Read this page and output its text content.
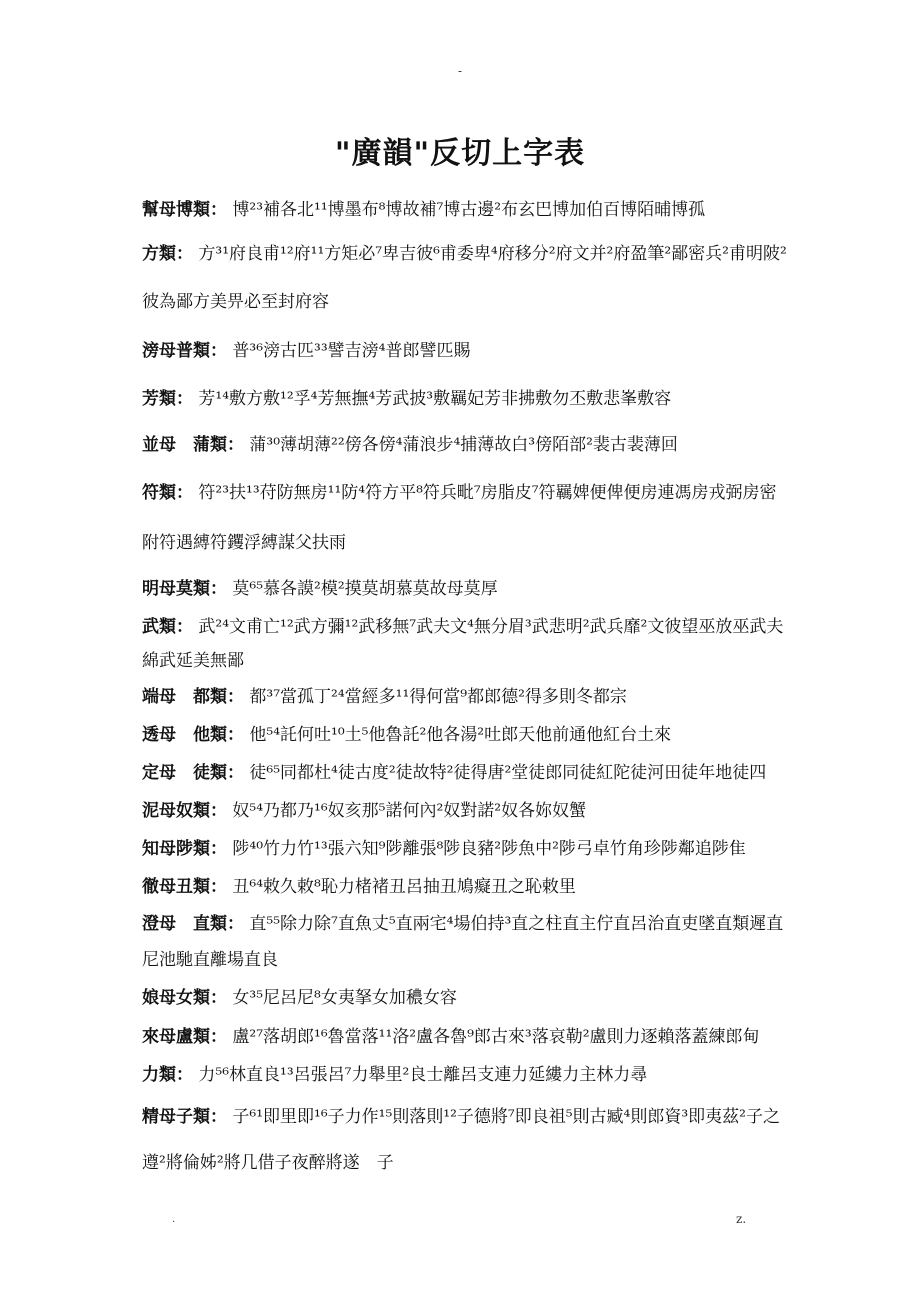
-
"廣韻"反切上字表
幫母博類： 博²³補各北¹¹博墨布⁸博故補⁷博古邊²布玄巴博加伯百博陌晡博孤
方類： 方³¹府良甫¹²府¹¹方矩必⁷卑吉彼⁶甫委卑⁴府移分²府文并²府盈筆²鄙密兵²甫明陂²彼為鄙方美畀必至封府容
滂母普類： 普³⁶滂古匹³³譬吉滂⁴普郎譬匹賜
芳類： 芳¹⁴敷方敷¹²孚⁴芳無撫⁴芳武披³敷羈妃芳非拂敷勿丕敷悲峯敷容
並母　蒲類： 蒲³⁰薄胡薄²²傍各傍⁴蒲浪步⁴捕薄故白³傍陌部²裴古裴薄回
符類： 符²³扶¹³苻防無房¹¹防⁴符方平⁸符兵毗⁷房脂皮⁷符羈婢便俾便房連馮房戎弼房密附符遇縛符钁浮縛謀父扶雨
明母莫類： 莫⁶⁵慕各謨²模²摸莫胡慕莫故母莫厚
武類： 武²⁴文甫亡¹²武方彌¹²武移無⁷武夫文⁴無分眉³武悲明²武兵靡²文彼望巫放巫武夫綿武延美無鄙
端母　都類： 都³⁷當孤丁²⁴當經多¹¹得何當⁹都郎德²得多則冬都宗
透母　他類： 他⁵⁴託何吐¹⁰土⁵他魯託²他各湯²吐郎天他前通他紅台土來
定母　徒類： 徒⁶⁵同都杜⁴徒古度²徒故特²徒得唐²堂徒郎同徒紅陀徒河田徒年地徒四
泥母奴類： 奴⁵⁴乃都乃¹⁶奴亥那⁵諾何內²奴對諾²奴各妳奴蟹
知母陟類： 陟⁴⁰竹力竹¹³張六知⁹陟離張⁸陟良豬²陟魚中²陟弓卓竹角珍陟鄰追陟隹
徹母丑類： 丑⁶⁴敕久敕⁸恥力楮褚丑呂抽丑鳩癡丑之恥敕里
澄母　直類： 直⁵⁵除力除⁷直魚丈⁵直兩宅⁴場伯持³直之柱直主佇直呂治直吏墜直類遲直尼池馳直離場直良
娘母女類： 女³⁵尼呂尼⁸女夷拏女加穠女容
來母盧類： 盧²⁷落胡郎¹⁶魯當落¹¹洛²盧各魯⁹郎古來³落哀勒²盧則力逐賴落蓋練郎甸
力類： 力⁵⁶林直良¹³呂張呂⁷力舉里²良士離呂支連力延縷力主林力尋
精母子類： 子⁶¹即里即¹⁶子力作¹⁵則落則¹²子德將⁷即良祖⁵則古臧⁴則郎資³即夷茲²子之遵²將倫姊²將几借子夜醉將遂　子
.	z.
